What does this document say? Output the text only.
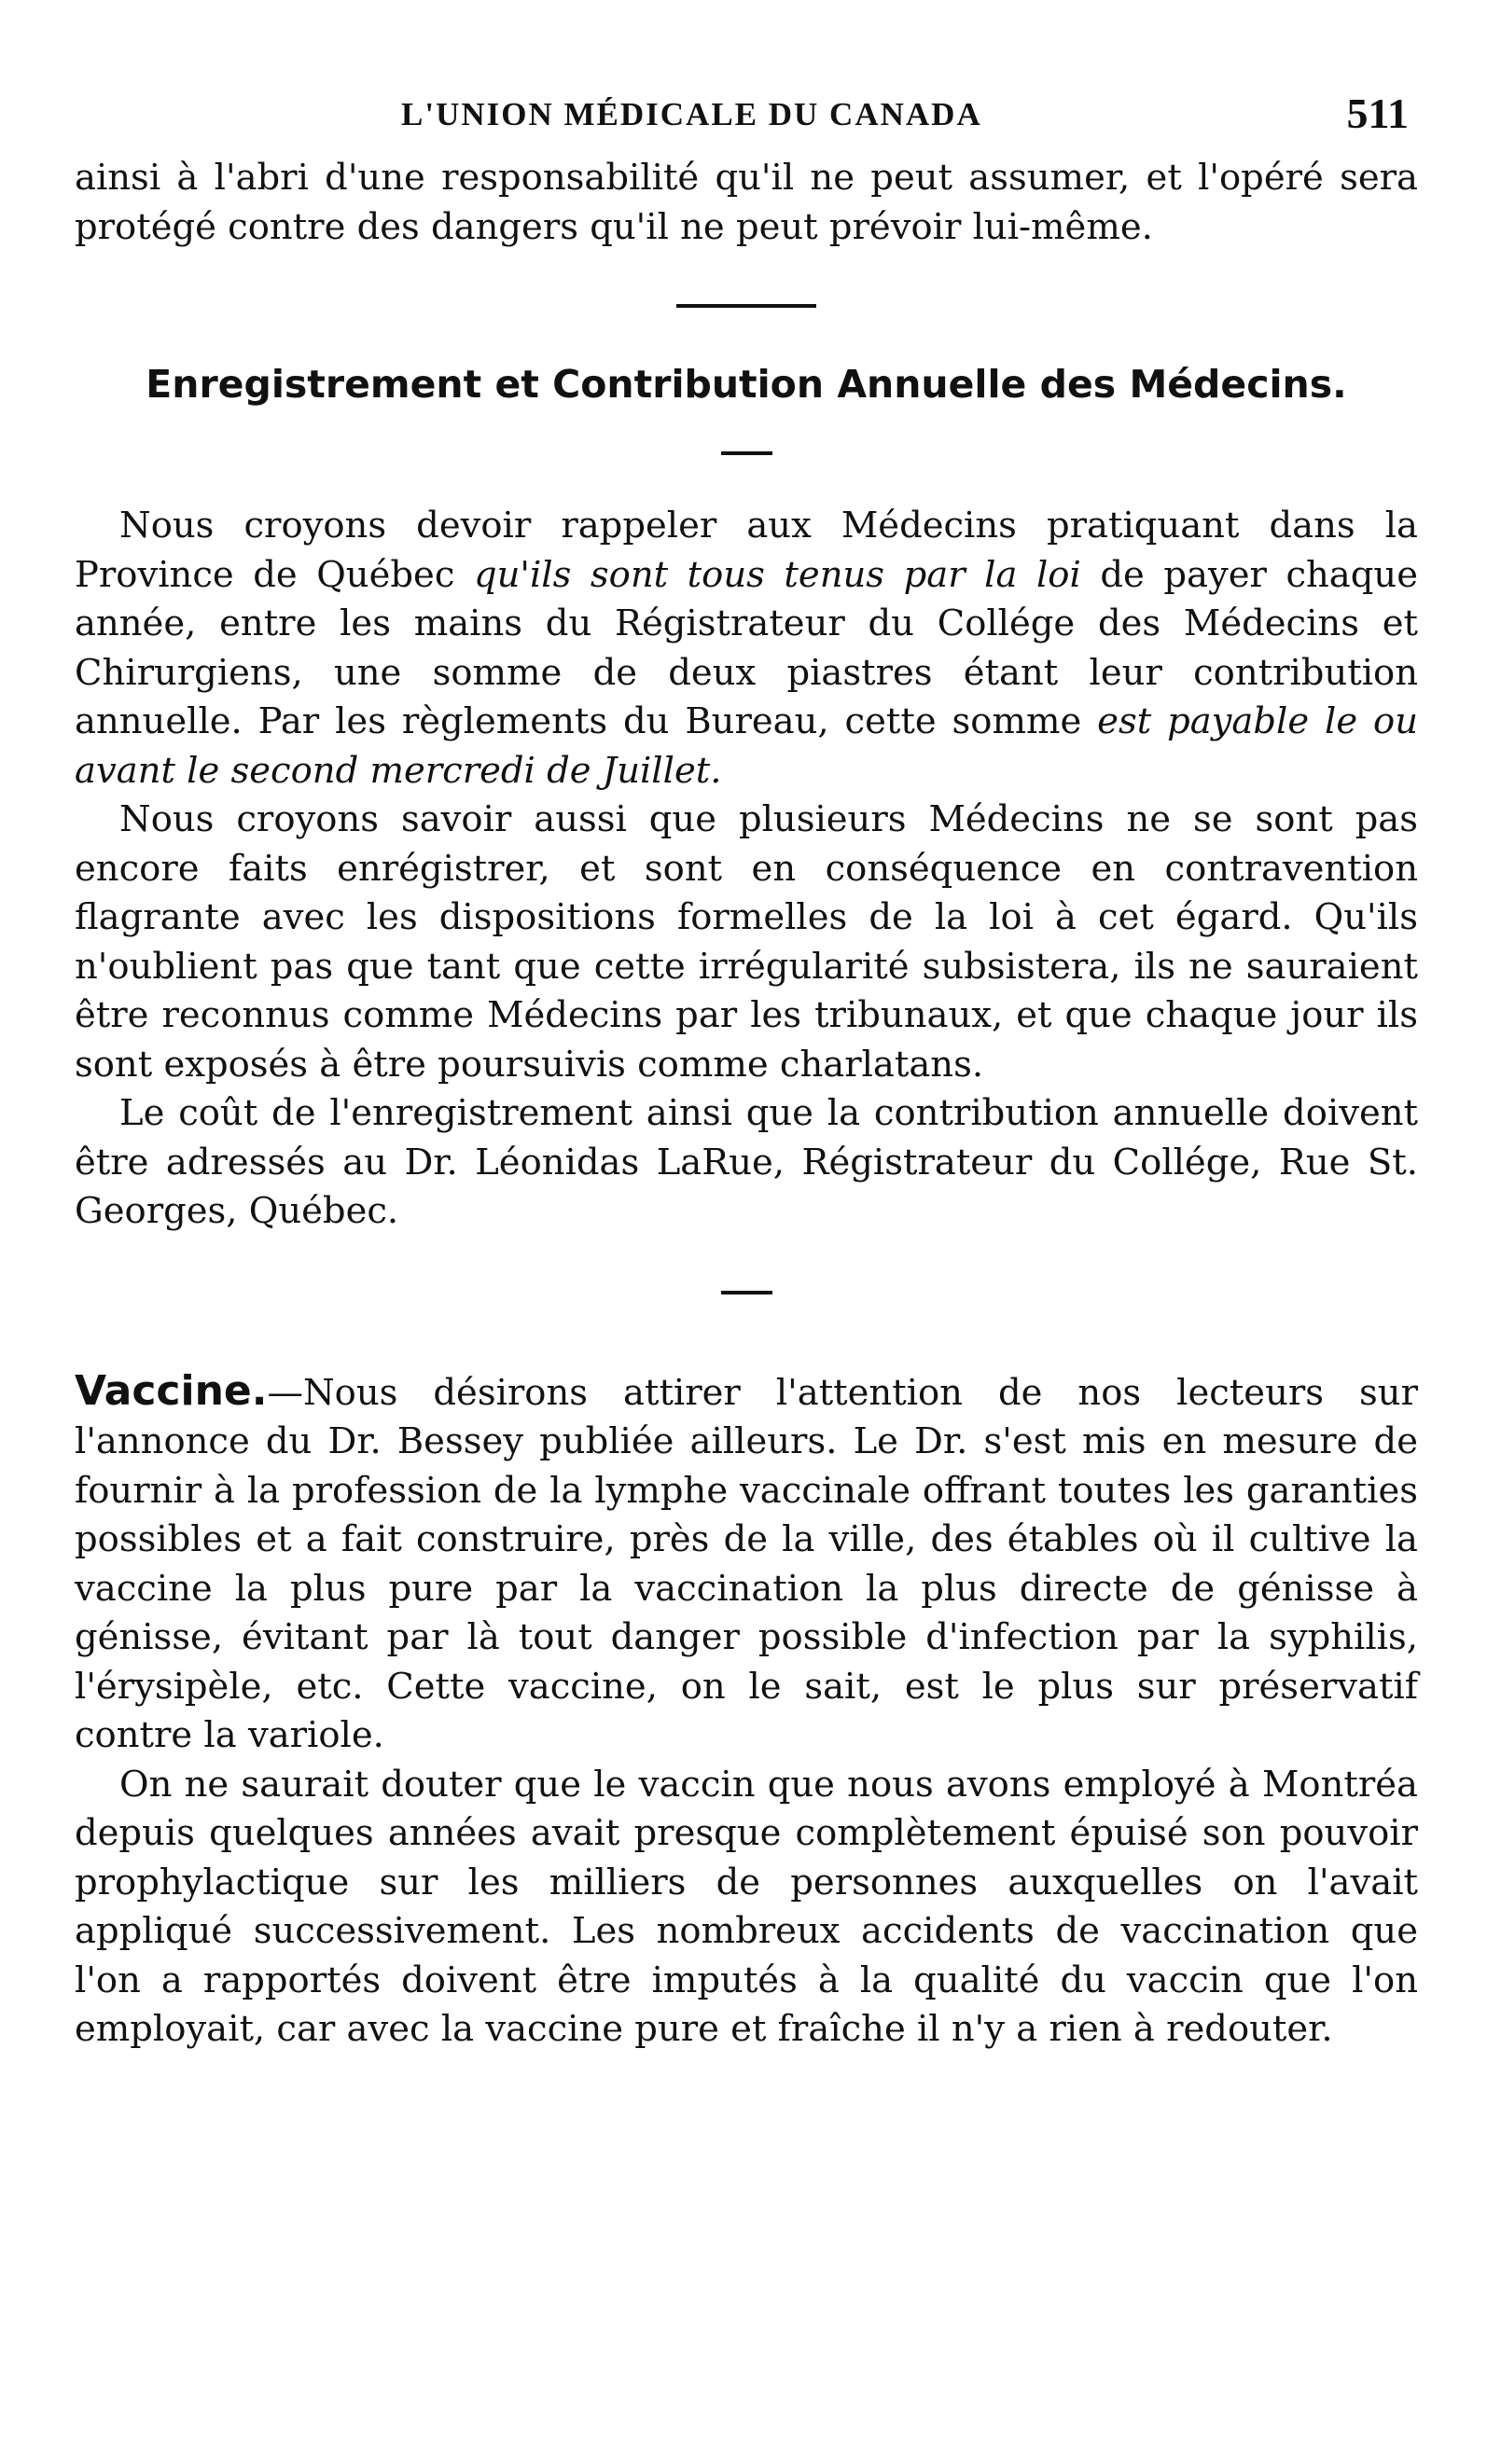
L'UNION MÉDICALE DU CANADA	511

ainsi à l'abri d'une responsabilité qu'il ne peut assumer, et l'opéré sera protégé contre des dangers qu'il ne peut prévoir lui-même.

Enregistrement et Contribution Annuelle des Médecins.

Nous croyons devoir rappeler aux Médecins pratiquant dans la Province de Québec qu'ils sont tous tenus par la loi de payer chaque année, entre les mains du Régistrateur du Collége des Médecins et Chirurgiens, une somme de deux piastres étant leur contribution annuelle. Par les règlements du Bureau, cette somme est payable le ou avant le second mercredi de Juillet.

Nous croyons savoir aussi que plusieurs Médecins ne se sont pas encore faits enrégistrer, et sont en conséquence en contravention flagrante avec les dispositions formelles de la loi à cet égard. Qu'ils n'oublient pas que tant que cette irrégularité subsistera, ils ne sauraient être reconnus comme Médecins par les tribunaux, et que chaque jour ils sont exposés à être poursuivis comme charlatans.

Le coût de l'enregistrement ainsi que la contribution annuelle doivent être adressés au Dr. Léonidas LaRue, Régistrateur du Collége, Rue St. Georges, Québec.

Vaccine.—Nous désirons attirer l'attention de nos lecteurs sur l'annonce du Dr. Bessey publiée ailleurs. Le Dr. s'est mis en mesure de fournir à la profession de la lymphe vaccinale offrant toutes les garanties possibles et a fait construire, près de la ville, des étables où il cultive la vaccine la plus pure par la vaccination la plus directe de génisse à génisse, évitant par là tout danger possible d'infection par la syphilis, l'érysipèle, etc. Cette vaccine, on le sait, est le plus sur préservatif contre la variole.

On ne saurait douter que le vaccin que nous avons employé à Montréa depuis quelques années avait presque complètement épuisé son pouvoir prophylactique sur les milliers de personnes auxquelles on l'avait appliqué successivement. Les nombreux accidents de vaccination que l'on a rapportés doivent être imputés à la qualité du vaccin que l'on employait, car avec la vaccine pure et fraîche il n'y a rien à redouter.
